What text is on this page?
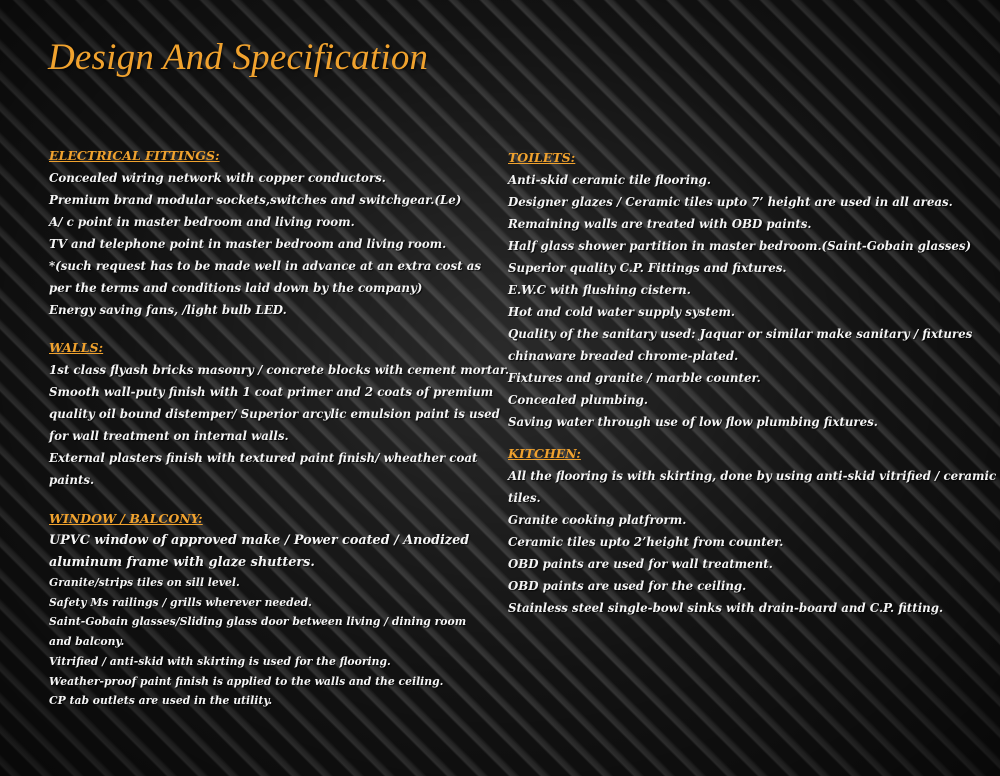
Design And Specification
ELECTRICAL FITTINGS:
Concealed wiring network with copper conductors.
Premium brand modular sockets,switches and switchgear.(Le)
A/ c point in master bedroom and living room.
TV and telephone point in master bedroom and living room.
*(such request has to be made well in advance at an extra cost as
per the terms and conditions laid down by the company)
Energy saving fans, /light bulb LED.
WALLS:
1st class flyash bricks masonry / concrete blocks with cement mortar.
Smooth wall-puty finish with 1 coat primer and 2 coats of premium
quality oil bound distemper/ Superior arcylic emulsion paint is used
for wall treatment on internal walls.
External plasters finish with textured paint finish/ wheather coat
paints.
WINDOW / BALCONY:
UPVC window of approved make / Power coated / Anodized
aluminum frame with glaze shutters.
Granite/strips tiles on sill level.
Safety Ms railings / grills wherever needed.
Saint-Gobain glasses/Sliding glass door between living / dining room
and balcony.
Vitrified / anti-skid with skirting is used for the flooring.
Weather-proof paint finish is applied to the walls and the ceiling.
CP tab outlets are used in the utility.
TOILETS:
Anti-skid ceramic tile flooring.
Designer glazes / Ceramic tiles upto 7’ height are used in all areas.
Remaining walls are treated with OBD paints.
Half glass shower partition in master bedroom.(Saint-Gobain glasses)
Superior quality C.P. Fittings and fixtures.
E.W.C with flushing cistern.
Hot and cold water supply system.
Quality of the sanitary used: Jaquar or similar make sanitary / fixtures
chinaware breaded chrome-plated.
Fixtures and granite / marble counter.
Concealed plumbing.
Saving water through use of low flow plumbing fixtures.
KITCHEN:
All the flooring is with skirting, done by using anti-skid vitrified / ceramic
tiles.
Granite cooking platfrorm.
Ceramic tiles upto 2’height from counter.
OBD paints are used for wall treatment.
OBD paints are used for the ceiling.
Stainless steel single-bowl sinks with drain-board and C.P. fitting.
